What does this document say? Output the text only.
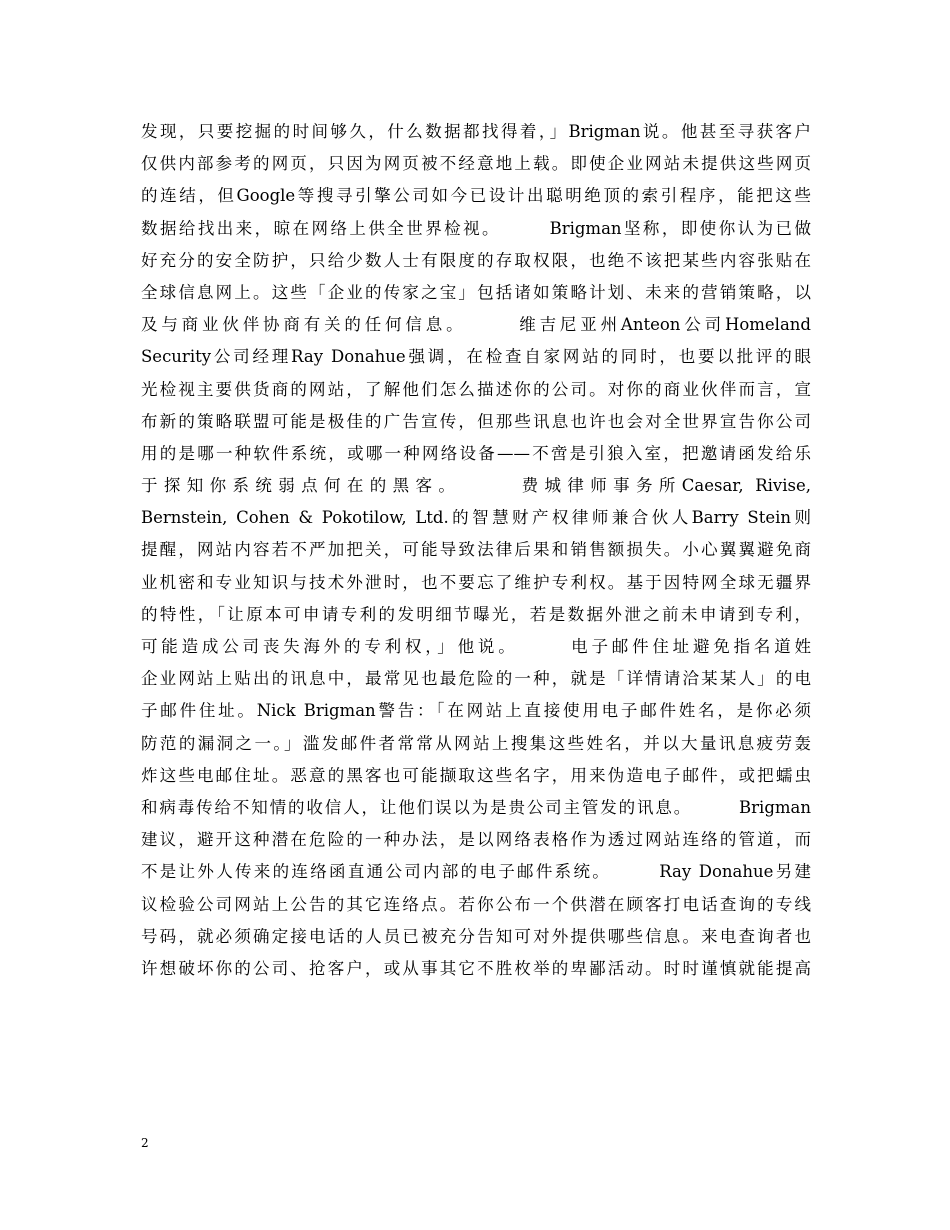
发现，只要挖掘的时间够久，什么数据都找得着，」Brigman说。他甚至寻获客户
仅供内部参考的网页，只因为网页被不经意地上载。即使企业网站未提供这些网页
的连结，但Google等搜寻引擎公司如今已设计出聪明绝顶的索引程序，能把这些
数据给找出来，晾在网络上供全世界检视。　　　Brigman坚称，即使你认为已做
好充分的安全防护，只给少数人士有限度的存取权限，也绝不该把某些内容张贴在
全球信息网上。这些「企业的传家之宝」包括诸如策略计划、未来的营销策略，以
及与商业伙伴协商有关的任何信息。　　　维吉尼亚州Anteon公司Homeland
Security公司经理Ray Donahue强调，在检查自家网站的同时，也要以批评的眼
光检视主要供货商的网站，了解他们怎么描述你的公司。对你的商业伙伴而言，宣
布新的策略联盟可能是极佳的广告宣传，但那些讯息也许也会对全世界宣告你公司
用的是哪一种软件系统，或哪一种网络设备——不啻是引狼入室，把邀请函发给乐
于探知你系统弱点何在的黑客。　　　费城律师事务所Caesar, Rivise,
Bernstein, Cohen & Pokotilow, Ltd.的智慧财产权律师兼合伙人Barry Stein则
提醒，网站内容若不严加把关，可能导致法律后果和销售额损失。小心翼翼避免商
业机密和专业知识与技术外泄时，也不要忘了维护专利权。基于因特网全球无疆界
的特性，「让原本可申请专利的发明细节曝光，若是数据外泄之前未申请到专利，
可能造成公司丧失海外的专利权，」他说。　　　电子邮件住址避免指名道姓
企业网站上贴出的讯息中，最常见也最危险的一种，就是「详情请洽某某人」的电
子邮件住址。Nick Brigman警告：「在网站上直接使用电子邮件姓名，是你必须
防范的漏洞之一。」滥发邮件者常常从网站上搜集这些姓名，并以大量讯息疲劳轰
炸这些电邮住址。恶意的黑客也可能撷取这些名字，用来伪造电子邮件，或把蠕虫
和病毒传给不知情的收信人，让他们误以为是贵公司主管发的讯息。　　　Brigman
建议，避开这种潜在危险的一种办法，是以网络表格作为透过网站连络的管道，而
不是让外人传来的连络函直通公司内部的电子邮件系统。　　　Ray Donahue另建
议检验公司网站上公告的其它连络点。若你公布一个供潜在顾客打电话查询的专线
号码，就必须确定接电话的人员已被充分告知可对外提供哪些信息。来电查询者也
许想破坏你的公司、抢客户，或从事其它不胜枚举的卑鄙活动。时时谨慎就能提高
2
